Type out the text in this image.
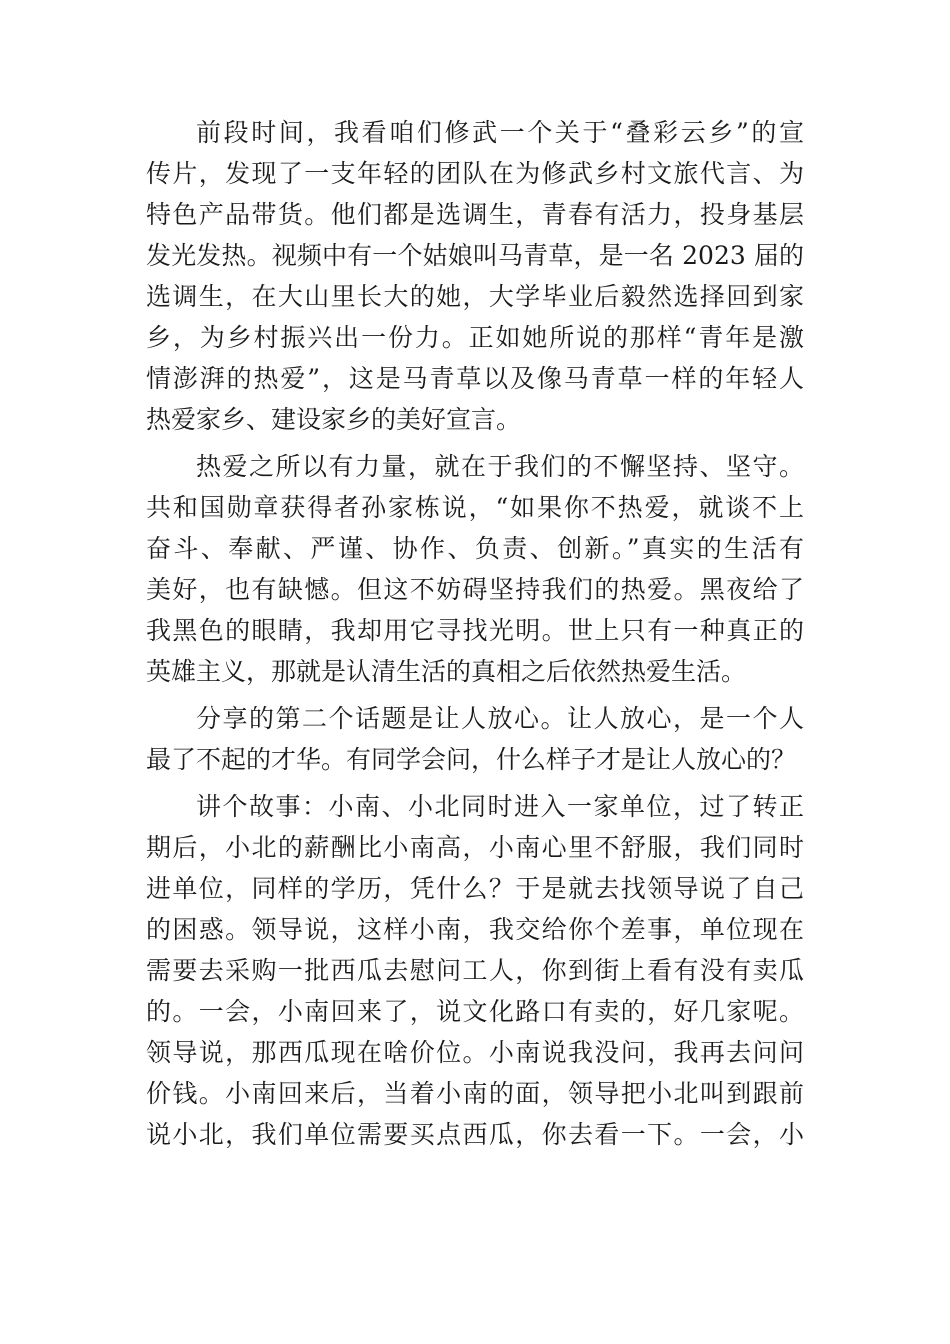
前段时间，我看咱们修武一个关于“叠彩云乡”的宣
传片，发现了一支年轻的团队在为修武乡村文旅代言、为
特色产品带货。他们都是选调生，青春有活力，投身基层
发光发热。视频中有一个姑娘叫马青草，是一名 2023 届的
选调生，在大山里长大的她，大学毕业后毅然选择回到家
乡，为乡村振兴出一份力。正如她所说的那样“青年是激
情澎湃的热爱”，这是马青草以及像马青草一样的年轻人
热爱家乡、建设家乡的美好宣言。
热爱之所以有力量，就在于我们的不懈坚持、坚守。
共和国勋章获得者孙家栋说，“如果你不热爱，就谈不上
奋斗、奉献、严谨、协作、负责、创新。”真实的生活有
美好，也有缺憾。但这不妨碍坚持我们的热爱。黑夜给了
我黑色的眼睛，我却用它寻找光明。世上只有一种真正的
英雄主义，那就是认清生活的真相之后依然热爱生活。
分享的第二个话题是让人放心。让人放心，是一个人
最了不起的才华。有同学会问，什么样子才是让人放心的？
讲个故事：小南、小北同时进入一家单位，过了转正
期后，小北的薪酬比小南高，小南心里不舒服，我们同时
进单位，同样的学历，凭什么？于是就去找领导说了自己
的困惑。领导说，这样小南，我交给你个差事，单位现在
需要去采购一批西瓜去慰问工人，你到街上看有没有卖瓜
的。一会，小南回来了，说文化路口有卖的，好几家呢。
领导说，那西瓜现在啥价位。小南说我没问，我再去问问
价钱。小南回来后，当着小南的面，领导把小北叫到跟前
说小北，我们单位需要买点西瓜，你去看一下。一会，小
